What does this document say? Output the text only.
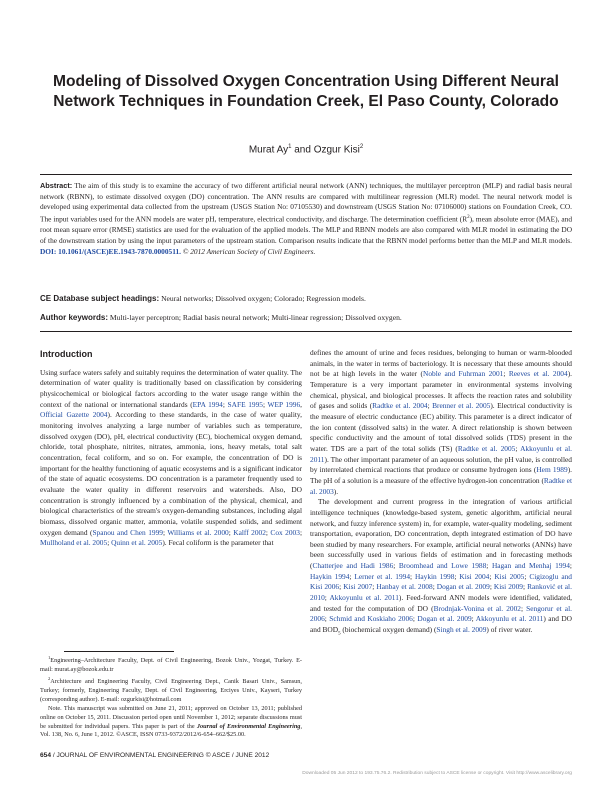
Modeling of Dissolved Oxygen Concentration Using Different Neural Network Techniques in Foundation Creek, El Paso County, Colorado
Murat Ay$^1$ and Ozgur Kisi$^2$
Abstract: The aim of this study is to examine the accuracy of two different artificial neural network (ANN) techniques, the multilayer perceptron (MLP) and radial basis neural network (RBNN), to estimate dissolved oxygen (DO) concentration. The ANN results are compared with multilinear regression (MLR) model. The neural network model is developed using experimental data collected from the upstream (USGS Station No: 07105530) and downstream (USGS Station No: 07106000) stations on Foundation Creek, CO. The input variables used for the ANN models are water pH, temperature, electrical conductivity, and discharge. The determination coefficient $(R^2)$, mean absolute error (MAE), and root mean square error (RMSE) statistics are used for the evaluation of the applied models. The MLP and RBNN models are also compared with MLR model in estimating the DO of the downstream station by using the input parameters of the upstream station. Comparison results indicate that the RBNN model performs better than the MLP and MLR models. DOI: 10.1061/(ASCE)EE.1943-7870.0000511. © 2012 American Society of Civil Engineers.
CE Database subject headings: Neural networks; Dissolved oxygen; Colorado; Regression models.
Author keywords: Multi-layer perceptron; Radial basis neural network; Multi-linear regression; Dissolved oxygen.
Introduction

Using surface waters safely and suitably requires the determination of water quality. The determination of water quality is traditionally based on classification by considering physicochemical or biological factors according to the water usage range within the context of the national or international standards (EPA 1994; SAFE 1995; WEP 1996, Official Gazette 2004). According to these standards, in the case of water quality, monitoring involves analyzing a large number of variables such as temperature, dissolved oxygen (DO), pH, electrical conductivity (EC), biochemical oxygen demand, chloride, total phosphate, nitrites, nitrates, ammonia, ions, heavy metals, total salt concentration, fecal coliform, and so on. For example, the concentration of DO is important for the healthy functioning of aquatic ecosystems and is a significant indicator of the state of aquatic ecosystems. DO concentration is a parameter frequently used to evaluate the water quality in different reservoirs and watersheds. Also, DO concentration is strongly influenced by a combination of the physical, chemical, and biological characteristics of the stream's oxygen-demanding substances, including algal biomass, dissolved organic matter, ammonia, volatile suspended solids, and sediment oxygen demand (Spanou and Chen 1999; Williams et al. 2000; Kalff 2002; Cox 2003; Mullholand et al. 2005; Quinn et al. 2005). Fecal coliform is the parameter that

$^1$Engineering–Architecture Faculty, Dept. of Civil Engineering, Bozok Univ., Yozgat, Turkey. E-mail: murat.ay@bozok.edu.tr

$^2$Architecture and Engineering Faculty, Civil Engineering Dept., Canik Basari Univ., Samsun, Turkey; formerly, Engineering Faculty, Dept. of Civil Engineering, Erciyes Univ., Kayseri, Turkey (corresponding author). E-mail: ozgurkisi@hotmail.com

Note. This manuscript was submitted on June 21, 2011; approved on October 13, 2011; published online on October 15, 2011. Discussion period open until November 1, 2012; separate discussions must be submitted for individual papers. This paper is part of the Journal of Environmental Engineering, Vol. 138, No. 6, June 1, 2012. ©ASCE, ISSN 0733-9372/2012/6-654–662/$25.00.

defines the amount of urine and feces residues, belonging to human or warm-blooded animals, in the water in terms of bacteriology. It is necessary that these amounts should not be at high levels in the water (Noble and Fuhrman 2001; Reeves et al. 2004). Temperature is a very important parameter in environmental systems involving chemical, physical, and biological processes. It affects the reaction rates and solubility of gases and solids (Radtke et al. 2004; Brenner et al. 2005). Electrical conductivity is the measure of electric conductance (EC) ability. This parameter is a direct indicator of the ion content (dissolved salts) in the water. A direct relationship is shown between specific conductivity and the amount of total dissolved solids (TDS) present in the water. TDS are a part of the total solids (TS) (Radtke et al. 2005; Akkoyunlu et al. 2011). The other important parameter of an aqueous solution, the pH value, is controlled by interrelated chemical reactions that produce or consume hydrogen ions (Hem 1989). The pH of a solution is a measure of the effective hydrogen-ion concentration (Radtke et al. 2003).

The development and current progress in the integration of various artificial intelligence techniques (knowledge-based system, genetic algorithm, artificial neural network, and fuzzy inference system) in, for example, water-quality modeling, sediment transportation, evaporation, DO concentration, depth integrated estimation of DO have been studied by many researchers. For example, artificial neural networks (ANNs) have been successfully used in various fields of estimation and in forecasting methods (Chatterjee and Hadi 1986; Broomhead and Lowe 1988; Hagan and Menhaj 1994; Haykin 1994; Lerner et al. 1994; Haykin 1998; Kisi 2004; Kisi 2005; Cigizoglu and Kisi 2006; Kisi 2007; Hanbay et al. 2008; Dogan et al. 2009; Kisi 2009; Ranković et al. 2010; Akkoyunlu et al. 2011). Feed-forward ANN models were identified, validated, and tested for the computation of DO (Brodnjak-Vonina et al. 2002; Sengorur et al. 2006; Schmid and Koskiaho 2006; Dogan et al. 2009; Akkoyunlu et al. 2011) and DO and $BOD_5$ (biochemical oxygen demand) (Singh et al. 2009) of river water.

654 / JOURNAL OF ENVIRONMENTAL ENGINEERING © ASCE / JUNE 2012
Downloaded 05 Jun 2012 to 193.75.76.2. Redistribution subject to ASCE license or copyright. Visit http://www.ascelibrary.org
